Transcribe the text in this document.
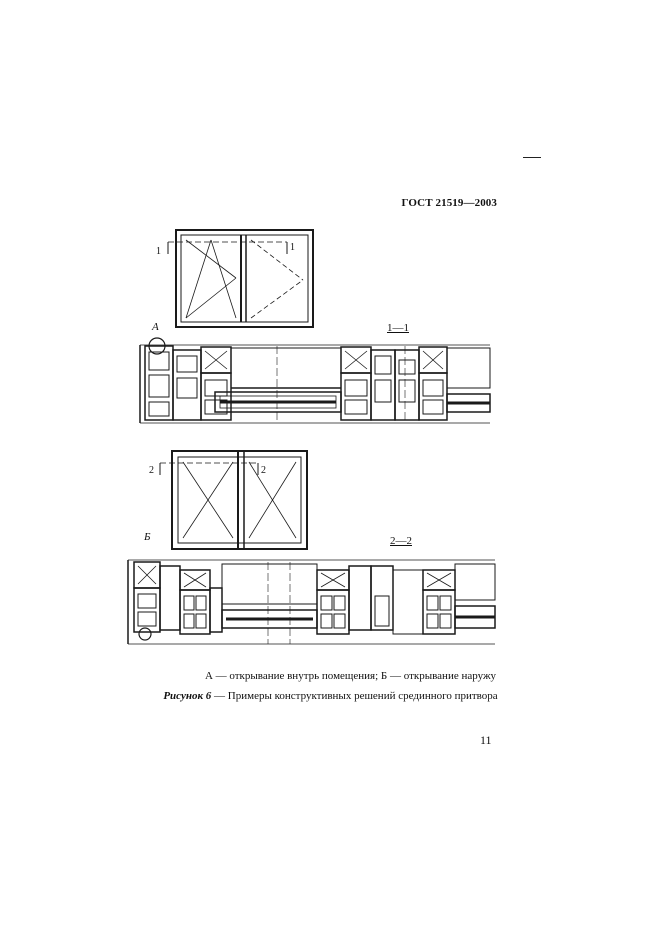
ГОСТ 21519—2003
А	1—1
1	1
Б	2—2
2	2
А — открывание внутрь помещения; Б — открывание наружу
Рисунок 6 — Примеры конструктивных решений срединного притвора
11
